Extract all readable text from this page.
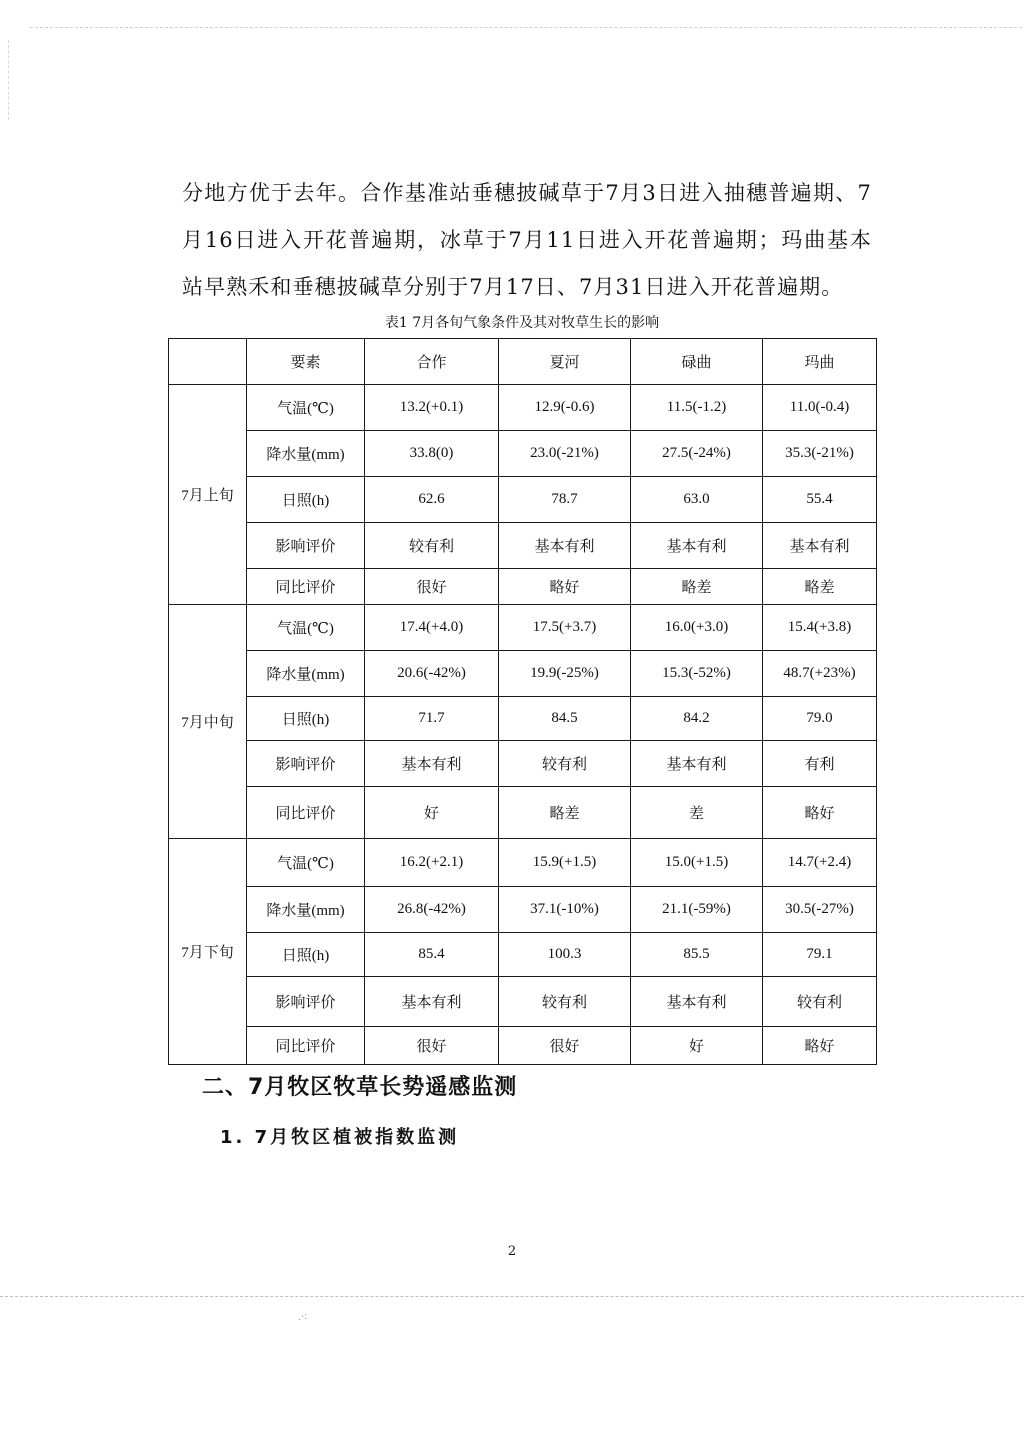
分地方优于去年。合作基准站垂穗披碱草于7月3日进入抽穗普遍期、7月16日进入开花普遍期，冰草于7月11日进入开花普遍期；玛曲基本站早熟禾和垂穗披碱草分别于7月17日、7月31日进入开花普遍期。

表1 7月各旬气象条件及其对牧草生长的影响
	要素	合作	夏河	碌曲	玛曲
7月上旬	气温(℃)	13.2(+0.1)	12.9(-0.6)	11.5(-1.2)	11.0(-0.4)
	降水量(mm)	33.8(0)	23.0(-21%)	27.5(-24%)	35.3(-21%)
	日照(h)	62.6	78.7	63.0	55.4
	影响评价	较有利	基本有利	基本有利	基本有利
	同比评价	很好	略好	略差	略差
7月中旬	气温(℃)	17.4(+4.0)	17.5(+3.7)	16.0(+3.0)	15.4(+3.8)
	降水量(mm)	20.6(-42%)	19.9(-25%)	15.3(-52%)	48.7(+23%)
	日照(h)	71.7	84.5	84.2	79.0
	影响评价	基本有利	较有利	基本有利	有利
	同比评价	好	略差	差	略好
7月下旬	气温(℃)	16.2(+2.1)	15.9(+1.5)	15.0(+1.5)	14.7(+2.4)
	降水量(mm)	26.8(-42%)	37.1(-10%)	21.1(-59%)	30.5(-27%)
	日照(h)	85.4	100.3	85.5	79.1
	影响评价	基本有利	较有利	基本有利	较有利
	同比评价	很好	很好	好	略好
二、7月牧区牧草长势遥感监测
1. 7月牧区植被指数监测
2
.·∶
